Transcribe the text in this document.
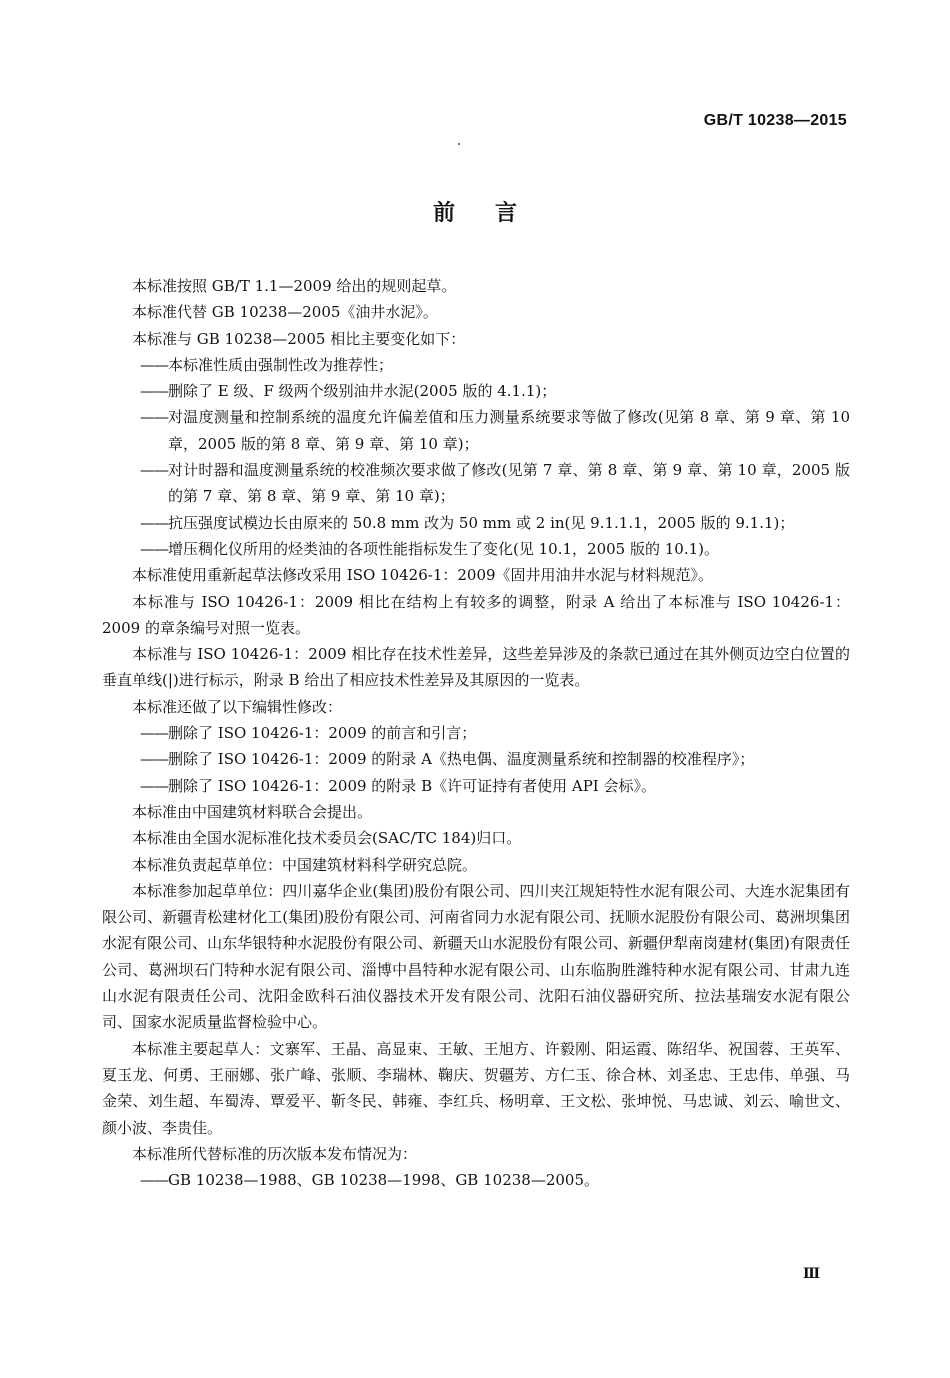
GB/T 10238—2015
前言

本标准按照 GB/T 1.1—2009 给出的规则起草。

本标准代替 GB 10238—2005《油井水泥》。

本标准与 GB 10238—2005 相比主要变化如下：

—— 本标准性质由强制性改为推荐性；
—— 删除了 E 级、F 级两个级别油井水泥(2005 版的 4.1.1)；
—— 对温度测量和控制系统的温度允许偏差值和压力测量系统要求等做了修改(见第 8 章、第 9 章、第 10 章，2005 版的第 8 章、第 9 章、第 10 章)；
—— 对计时器和温度测量系统的校准频次要求做了修改(见第 7 章、第 8 章、第 9 章、第 10 章，2005 版的第 7 章、第 8 章、第 9 章、第 10 章)；
—— 抗压强度试模边长由原来的 50.8 mm 改为 50 mm 或 2 in(见 9.1.1.1，2005 版的 9.1.1)；
—— 增压稠化仪所用的烃类油的各项性能指标发生了变化(见 10.1，2005 版的 10.1)。

本标准使用重新起草法修改采用 ISO 10426-1：2009《固井用油井水泥与材料规范》。

本标准与 ISO 10426-1：2009 相比在结构上有较多的调整，附录 A 给出了本标准与 ISO 10426-1：2009 的章条编号对照一览表。

本标准与 ISO 10426-1：2009 相比存在技术性差异，这些差异涉及的条款已通过在其外侧页边空白位置的垂直单线(|)进行标示，附录 B 给出了相应技术性差异及其原因的一览表。

本标准还做了以下编辑性修改：

—— 删除了 ISO 10426-1：2009 的前言和引言；
—— 删除了 ISO 10426-1：2009 的附录 A《热电偶、温度测量系统和控制器的校准程序》；
—— 删除了 ISO 10426-1：2009 的附录 B《许可证持有者使用 API 会标》。

本标准由中国建筑材料联合会提出。

本标准由全国水泥标准化技术委员会(SAC/TC 184)归口。

本标准负责起草单位：中国建筑材料科学研究总院。

本标准参加起草单位：四川嘉华企业(集团)股份有限公司、四川夹江规矩特性水泥有限公司、大连水泥集团有限公司、新疆青松建材化工(集团)股份有限公司、河南省同力水泥有限公司、抚顺水泥股份有限公司、葛洲坝集团水泥有限公司、山东华银特种水泥股份有限公司、新疆天山水泥股份有限公司、新疆伊犁南岗建材(集团)有限责任公司、葛洲坝石门特种水泥有限公司、淄博中昌特种水泥有限公司、山东临朐胜潍特种水泥有限公司、甘肃九连山水泥有限责任公司、沈阳金欧科石油仪器技术开发有限公司、沈阳石油仪器研究所、拉法基瑞安水泥有限公司、国家水泥质量监督检验中心。

本标准主要起草人：文寨军、王晶、高显束、王敏、王旭方、许毅刚、阳运霞、陈绍华、祝国蓉、王英军、夏玉龙、何勇、王丽娜、张广峰、张顺、李瑞林、鞠庆、贺疆芳、方仁玉、徐合林、刘圣忠、王忠伟、单强、马金荣、刘生超、车蜀涛、覃爱平、靳冬民、韩雍、李红兵、杨明章、王文松、张坤悦、马忠诚、刘云、喻世文、颜小波、李贵佳。

本标准所代替标准的历次版本发布情况为：

—— GB 10238—1988、GB 10238—1998、GB 10238—2005。
Ⅲ
